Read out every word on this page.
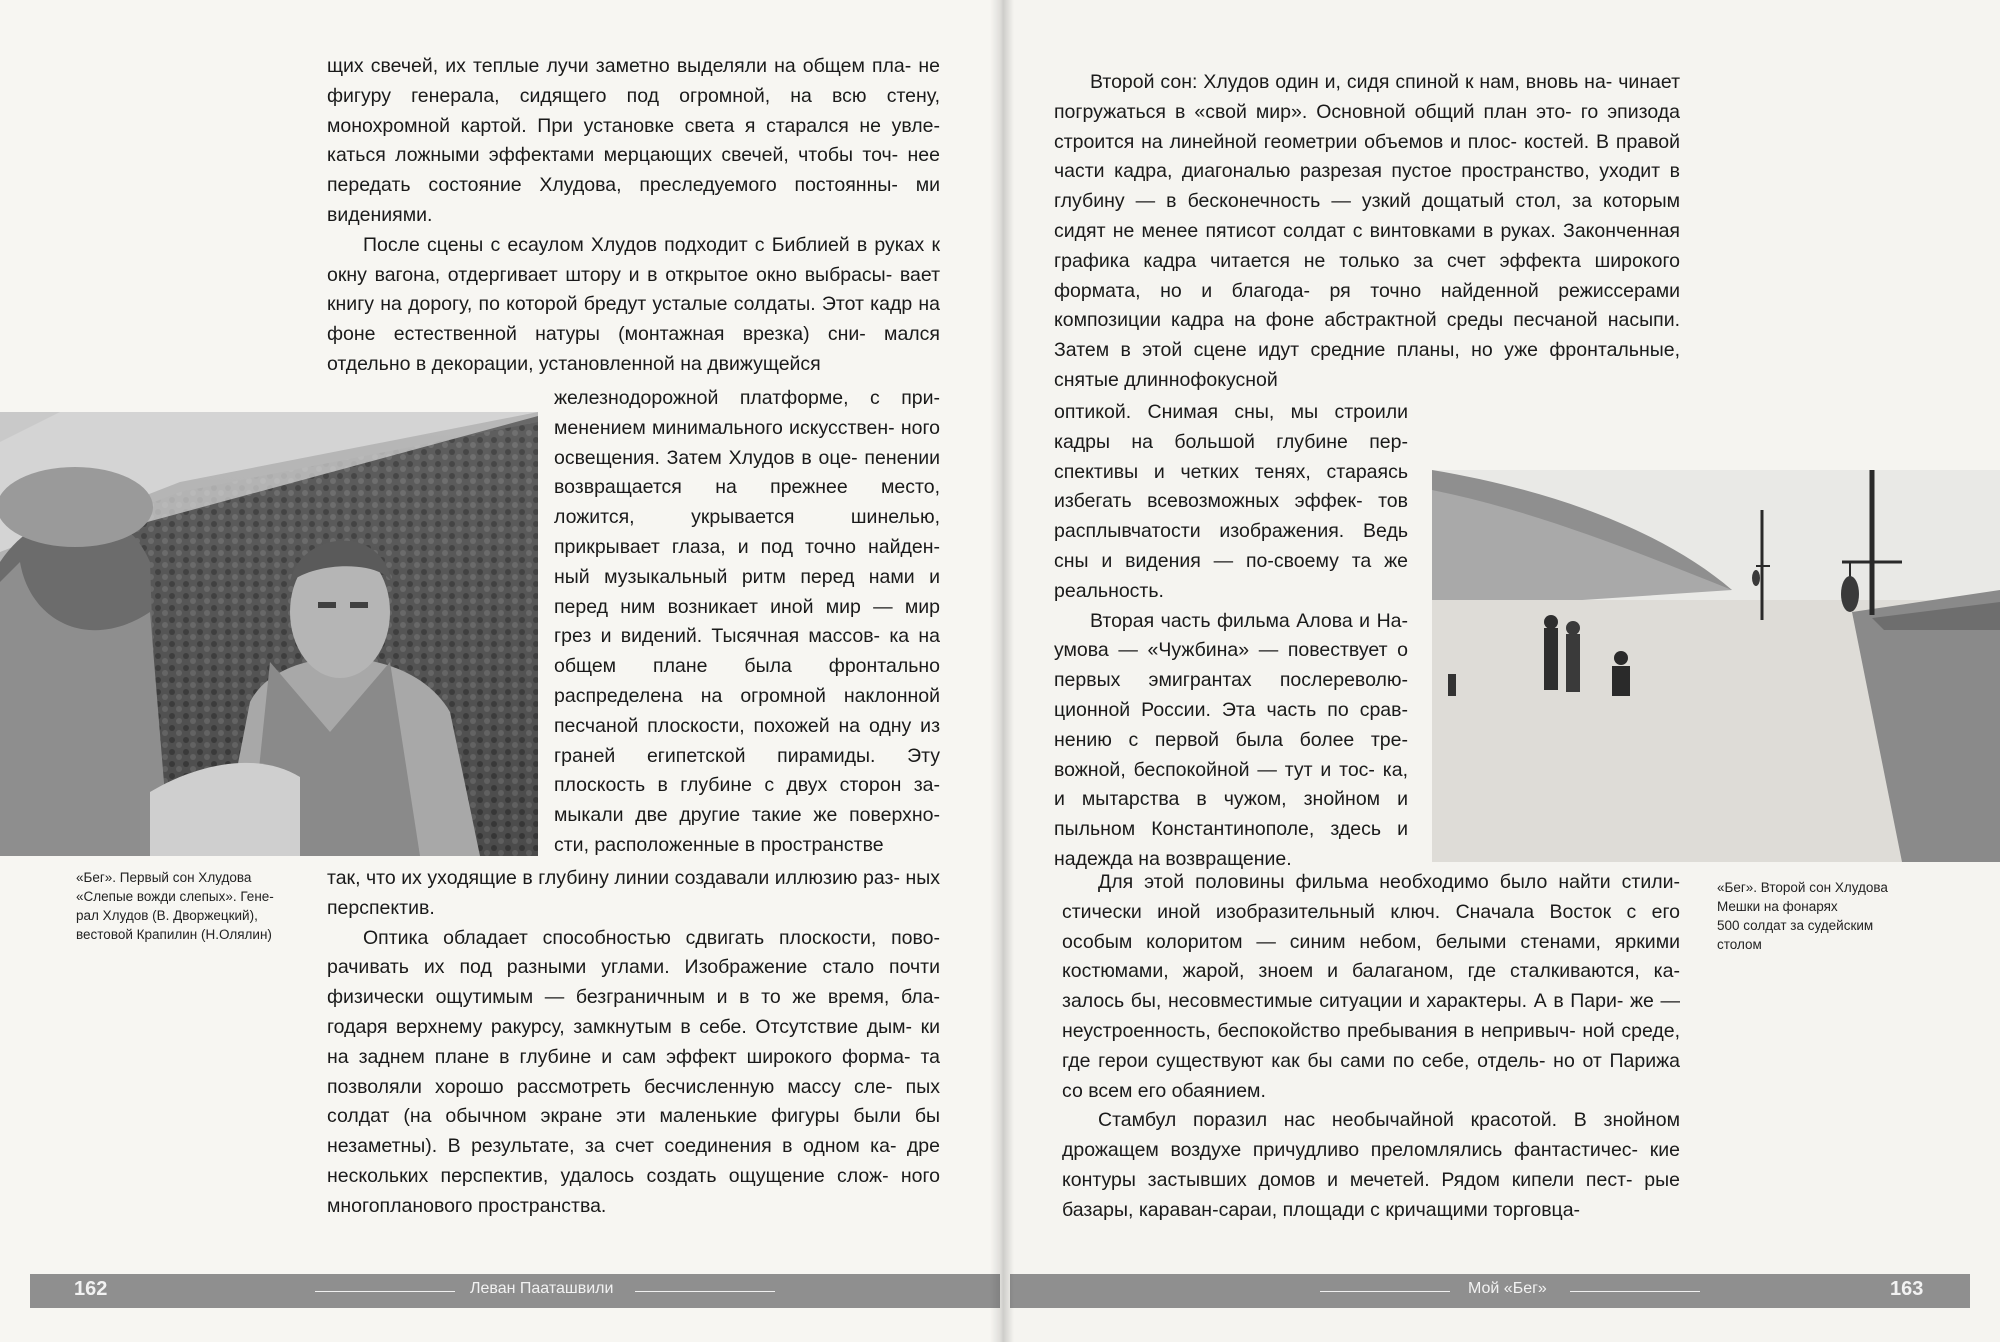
щих свечей, их теплые лучи заметно выделяли на общем пла- не фигуру генерала, сидящего под огромной, на всю стену, монохромной картой. При установке света я старался не увле- каться ложными эффектами мерцающих свечей, чтобы точ- нее передать состояние Хлудова, преследуемого постоянны- ми видениями.

После сцены с есаулом Хлудов подходит с Библией в руках к окну вагона, отдергивает штору и в открытое окно выбрасы- вает книгу на дорогу, по которой бредут усталые солдаты. Этот кадр на фоне естественной натуры (монтажная врезка) сни- мался отдельно в декорации, установленной на движущейся

железнодорожной платформе, с при- менением минимального искусствен- ного освещения. Затем Хлудов в оце- пенении возвращается на прежнее место, ложится, укрывается шинелью, прикрывает глаза, и под точно найден- ный музыкальный ритм перед нами и перед ним возникает иной мир — мир грез и видений. Тысячная массов- ка на общем плане была фронтально распределена на огромной наклонной песчаной плоскости, похожей на одну из граней египетской пирамиды. Эту плоскость в глубине с двух сторон за- мыкали две другие такие же поверхно- сти, расположенные в пространстве

«Бег». Первый сон Хлудова
«Слепые вожди слепых». Гене-
рал Хлудов (В. Дворжецкий),
вестовой Крапилин (Н.Олялин)

так, что их уходящие в глубину линии создавали иллюзию раз- ных перспектив.

Оптика обладает способностью сдвигать плоскости, пово- рачивать их под разными углами. Изображение стало почти физически ощутимым — безграничным и в то же время, бла- годаря верхнему ракурсу, замкнутым в себе. Отсутствие дым- ки на заднем плане в глубине и сам эффект широкого форма- та позволяли хорошо рассмотреть бесчисленную массу сле- пых солдат (на обычном экране эти маленькие фигуры были бы незаметны). В результате, за счет соединения в одном ка- дре нескольких перспектив, удалось создать ощущение слож- ного многопланового пространства.

162	Леван Пааташвили

Второй сон: Хлудов один и, сидя спиной к нам, вновь на- чинает погружаться в «свой мир». Основной общий план это- го эпизода строится на линейной геометрии объемов и плос- костей. В правой части кадра, диагональю разрезая пустое пространство, уходит в глубину — в бесконечность — узкий дощатый стол, за которым сидят не менее пятисот солдат с винтовками в руках. Законченная графика кадра читается не только за счет эффекта широкого формата, но и благода- ря точно найденной режиссерами композиции кадра на фоне абстрактной среды песчаной насыпи. Затем в этой сцене идут средние планы, но уже фронтальные, снятые длиннофокусной

оптикой. Снимая сны, мы строили кадры на большой глубине пер- спективы и четких тенях, стараясь избегать всевозможных эффек- тов расплывчатости изображения. Ведь сны и видения — по-своему та же реальность.

Вторая часть фильма Алова и На- умова — «Чужбина» — повествует о первых эмигрантах послереволю- ционной России. Эта часть по срав- нению с первой была более тре- вожной, беспокойной — тут и тос- ка, и мытарства в чужом, знойном и пыльном Константинополе, здесь и надежда на возвращение.

«Бег». Второй сон Хлудова
Мешки на фонарях
500 солдат за судейским
столом

Для этой половины фильма необходимо было найти стили- стически иной изобразительный ключ. Сначала Восток с его особым колоритом — синим небом, белыми стенами, яркими костюмами, жарой, зноем и балаганом, где сталкиваются, ка- залось бы, несовместимые ситуации и характеры. А в Пари- же — неустроенность, беспокойство пребывания в непривыч- ной среде, где герои существуют как бы сами по себе, отдель- но от Парижа со всем его обаянием.

Стамбул поразил нас необычайной красотой. В знойном дрожащем воздухе причудливо преломлялись фантастичес- кие контуры застывших домов и мечетей. Рядом кипели пест- рые базары, караван-сараи, площади с кричащими торговца-

Мой «Бег»	163
